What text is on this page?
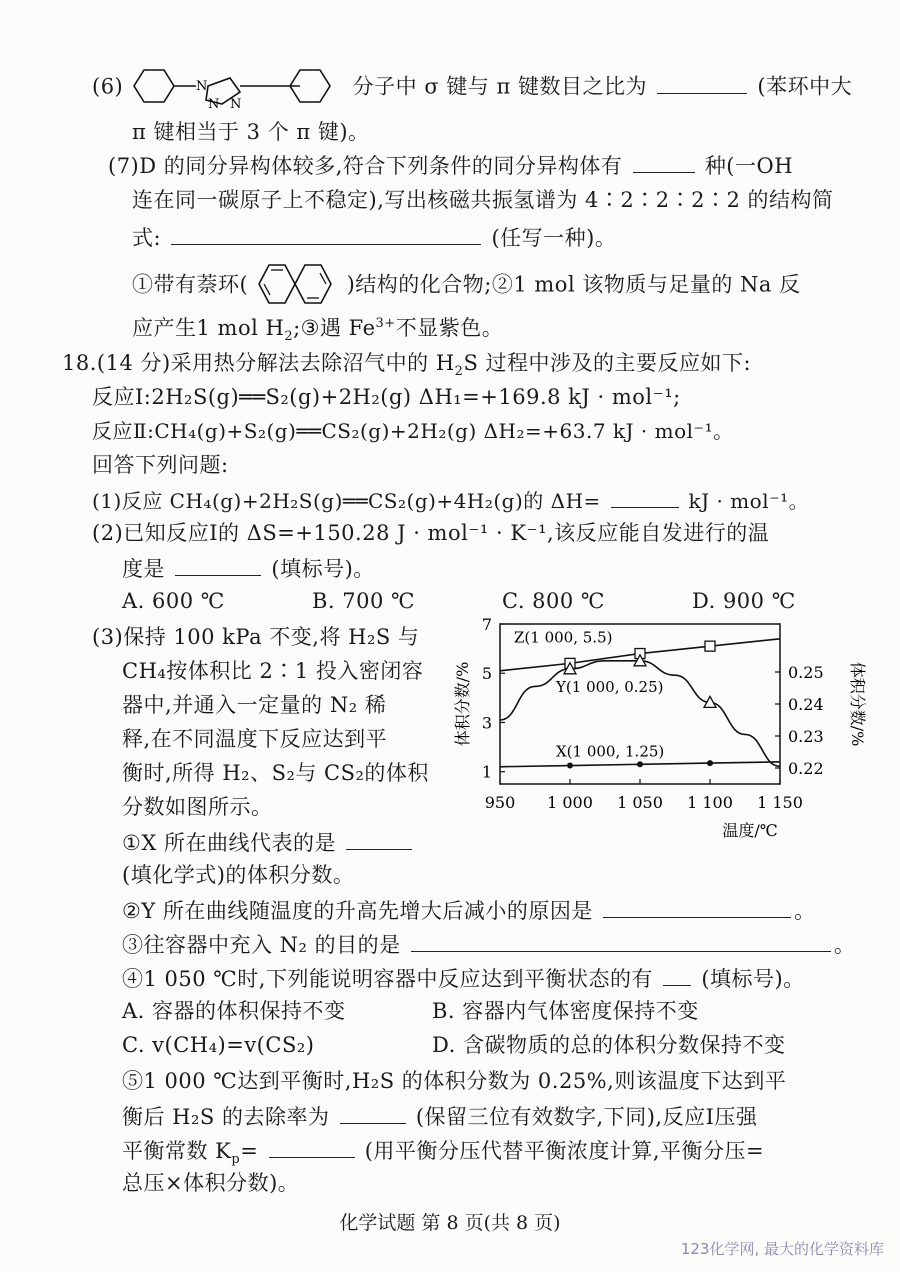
(6)	N
N N
分子中 σ 键与 π 键数目之比为	(苯环中大
π 键相当于 3 个 π 键)。
(7)D 的同分异构体较多,符合下列条件的同分异构体有	种(一OH
连在同一碳原子上不稳定),写出核磁共振氢谱为 4∶2∶2∶2∶2 的结构简
式:	(任写一种)。
①带有萘环(	)结构的化合物;②1 mol 该物质与足量的 Na 反
应产生1 mol $H_2;③$遇 $Fe^{3+}$不显紫色。
18.(14 分)采用热分解法去除沼气中的 $H_2S$ 过程中涉及的主要反应如下:
反应Ⅰ:2H₂S(g)══S₂(g)+2H₂(g) ΔH₁=+169.8 kJ · mol⁻¹;
反应Ⅱ:CH₄(g)+S₂(g)══CS₂(g)+2H₂(g) ΔH₂=+63.7 kJ · mol⁻¹。
回答下列问题:
(1)反应 CH₄(g)+2H₂S(g)══CS₂(g)+4H₂(g)的 ΔH=	kJ · mol⁻¹。
(2)已知反应Ⅰ的 ΔS=+150.28 J · mol⁻¹ · K⁻¹,该反应能自发进行的温
度是	(填标号)。
A. 600 ℃	B. 700 ℃	C. 800 ℃	D. 900 ℃
(3)保持 100 kPa 不变,将 H₂S 与
CH₄按体积比 2∶1 投入密闭容
器中,并通入一定量的 N₂ 稀
释,在不同温度下反应达到平
衡时,所得 H₂、S₂与 CS₂的体积
分数如图所示。	950 1 000 1 050 1 100 1 150
1
3
5
7
0.22
0.23
0.24
0.25
温度/℃
体积分数/%	体积分数/%
Z(1 000, 5.5)
Y(1 000, 0.25)
X(1 000, 1.25)
①X 所在曲线代表的是
(填化学式)的体积分数。
②Y 所在曲线随温度的升高先增大后减小的原因是	。
③往容器中充入 N₂ 的目的是	。
④1 050 ℃时,下列能说明容器中反应达到平衡状态的有 (填标号)。
A. 容器的体积保持不变	B. 容器内气体密度保持不变
C. v(CH₄)=v(CS₂)	D. 含碳物质的总的体积分数保持不变
⑤1 000 ℃达到平衡时,H₂S 的体积分数为 0.25%,则该温度下达到平
衡后 H₂S 的去除率为	(保留三位有效数字,下同),反应Ⅰ压强
平衡常数 $K_p=$	(用平衡分压代替平衡浓度计算,平衡分压=
总压×体积分数)。
化学试题 第 8 页(共 8 页)
123化学网, 最大的化学资料库
